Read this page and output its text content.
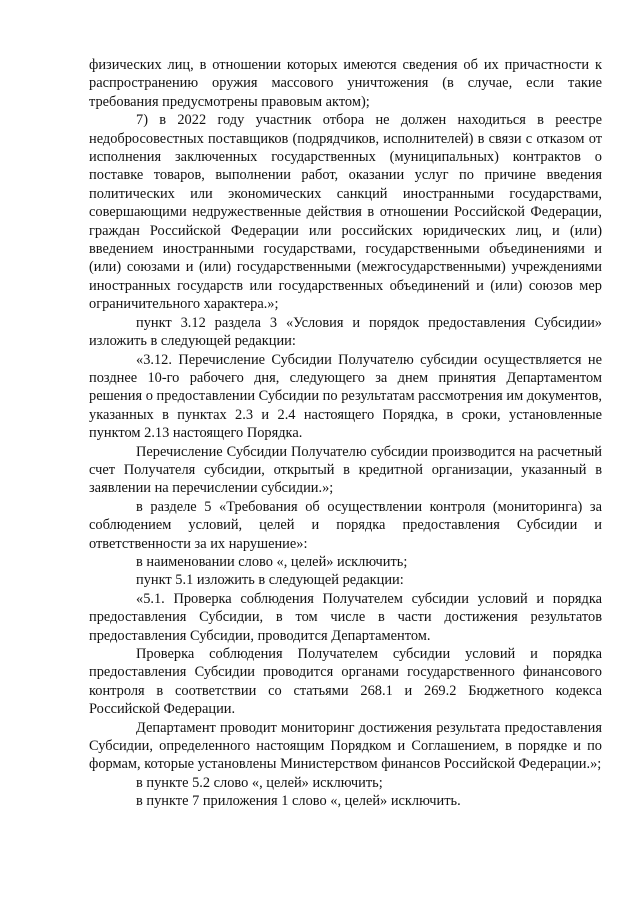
физических лиц, в отношении которых имеются сведения об их причастности к распространению оружия массового уничтожения (в случае, если такие требования предусмотрены правовым актом);

7) в 2022 году участник отбора не должен находиться в реестре недобросовестных поставщиков (подрядчиков, исполнителей) в связи с отказом от исполнения заключенных государственных (муниципальных) контрактов о поставке товаров, выполнении работ, оказании услуг по причине введения политических или экономических санкций иностранными государствами, совершающими недружественные действия в отношении Российской Федерации, граждан Российской Федерации или российских юридических лиц, и (или) введением иностранными государствами, государственными объединениями и (или) союзами и (или) государственными (межгосударственными) учреждениями иностранных государств или государственных объединений и (или) союзов мер ограничительного характера.»;

пункт 3.12 раздела 3 «Условия и порядок предоставления Субсидии» изложить в следующей редакции:

«3.12. Перечисление Субсидии Получателю субсидии осуществляется не позднее 10-го рабочего дня, следующего за днем принятия Департаментом решения о предоставлении Субсидии по результатам рассмотрения им документов, указанных в пунктах 2.3 и 2.4 настоящего Порядка, в сроки, установленные пунктом 2.13 настоящего Порядка.

Перечисление Субсидии Получателю субсидии производится на расчетный счет Получателя субсидии, открытый в кредитной организации, указанный в заявлении на перечислении субсидии.»;

в разделе 5 «Требования об осуществлении контроля (мониторинга) за соблюдением условий, целей и порядка предоставления Субсидии и ответственности за их нарушение»:

в наименовании слово «, целей» исключить;

пункт 5.1 изложить в следующей редакции:

«5.1. Проверка соблюдения Получателем субсидии условий и порядка предоставления Субсидии, в том числе в части достижения результатов предоставления Субсидии, проводится Департаментом.

Проверка соблюдения Получателем субсидии условий и порядка предоставления Субсидии проводится органами государственного финансового контроля в соответствии со статьями 268.1 и 269.2 Бюджетного кодекса Российской Федерации.

Департамент проводит мониторинг достижения результата предоставления Субсидии, определенного настоящим Порядком и Соглашением, в порядке и по формам, которые установлены Министерством финансов Российской Федерации.»;

в пункте 5.2 слово «, целей» исключить;

в пункте 7 приложения 1 слово «, целей» исключить.
